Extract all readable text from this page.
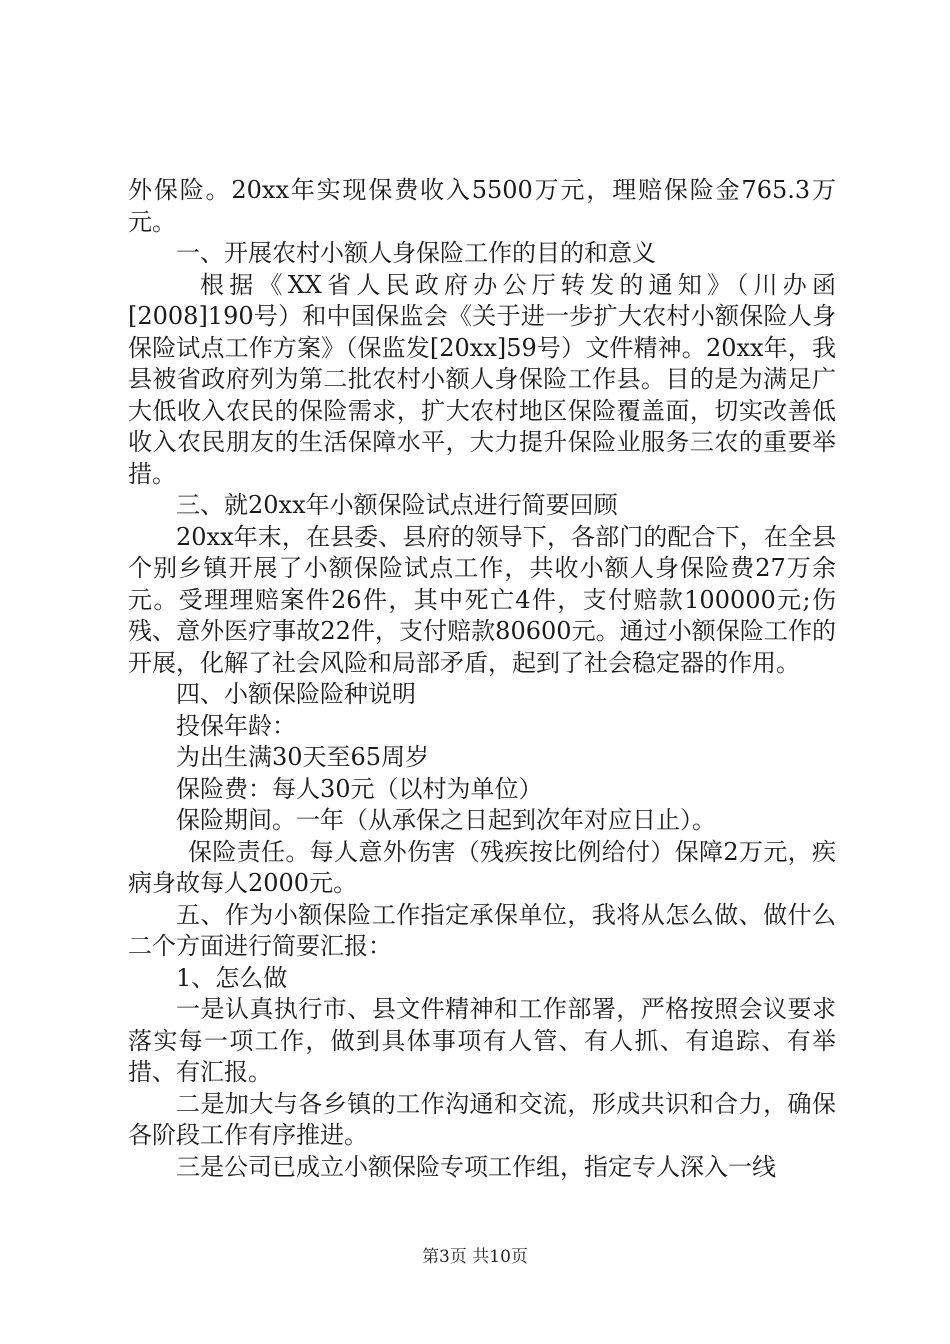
外保险。20xx年实现保费收入5500万元，理赔保险金765.3万元。

一、开展农村小额人身保险工作的目的和意义

根据《XX省人民政府办公厅转发的通知》（川办函[2008]190号）和中国保监会《关于进一步扩大农村小额保险人身保险试点工作方案》（保监发[20xx]59号）文件精神。20xx年，我县被省政府列为第二批农村小额人身保险工作县。目的是为满足广大低收入农民的保险需求，扩大农村地区保险覆盖面，切实改善低收入农民朋友的生活保障水平，大力提升保险业服务三农的重要举措。

三、就20xx年小额保险试点进行简要回顾

20xx年末，在县委、县府的领导下，各部门的配合下，在全县个别乡镇开展了小额保险试点工作，共收小额人身保险费27万余元。受理理赔案件26件，其中死亡4件，支付赔款100000元;伤残、意外医疗事故22件，支付赔款80600元。通过小额保险工作的开展，化解了社会风险和局部矛盾，起到了社会稳定器的作用。

四、小额保险险种说明

投保年龄：

为出生满30天至65周岁

保险费：每人30元（以村为单位）

保险期间。一年（从承保之日起到次年对应日止）。

保险责任。每人意外伤害（残疾按比例给付）保障2万元，疾病身故每人2000元。

五、作为小额保险工作指定承保单位，我将从怎么做、做什么二个方面进行简要汇报：

1、怎么做

一是认真执行市、县文件精神和工作部署，严格按照会议要求落实每一项工作，做到具体事项有人管、有人抓、有追踪、有举措、有汇报。

二是加大与各乡镇的工作沟通和交流，形成共识和合力，确保各阶段工作有序推进。

三是公司已成立小额保险专项工作组，指定专人深入一线

第3页 共10页
